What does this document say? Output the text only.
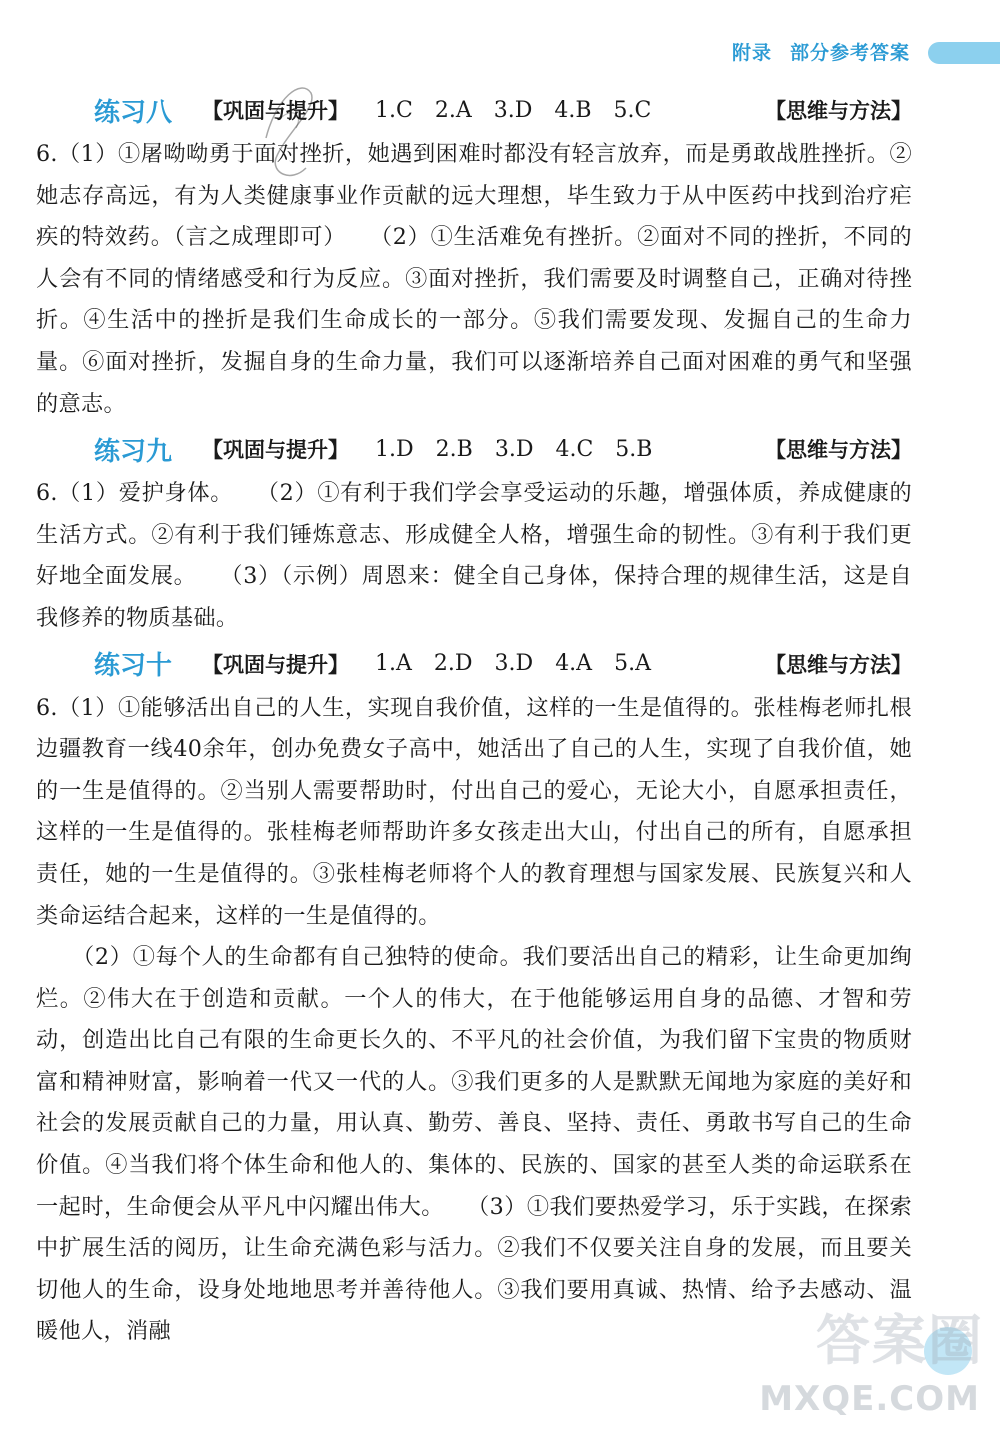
附录 部分参考答案
练习八 【巩固与提升】 1.C 2.A 3.D 4.B 5.C	【思维与方法】

6.（1）①屠呦呦勇于面对挫折，她遇到困难时都没有轻言放弃，而是勇敢战胜挫折。②她志存高远，有为人类健康事业作贡献的远大理想，毕生致力于从中医药中找到治疗疟疾的特效药。（言之成理即可）　　（2）①生活难免有挫折。②面对不同的挫折，不同的人会有不同的情绪感受和行为反应。③面对挫折，我们需要及时调整自己，正确对待挫折。④生活中的挫折是我们生命成长的一部分。⑤我们需要发现、发掘自己的生命力量。⑥面对挫折，发掘自身的生命力量，我们可以逐渐培养自己面对困难的勇气和坚强的意志。

练习九 【巩固与提升】 1.D 2.B 3.D 4.C 5.B	【思维与方法】

6.（1）爱护身体。　　（2）①有利于我们学会享受运动的乐趣，增强体质，养成健康的生活方式。②有利于我们锤炼意志、形成健全人格，增强生命的韧性。③有利于我们更好地全面发展。　　（3）（示例）周恩来：健全自己身体，保持合理的规律生活，这是自我修养的物质基础。

练习十 【巩固与提升】 1.A 2.D 3.D 4.A 5.A	【思维与方法】

6.（1）①能够活出自己的人生，实现自我价值，这样的一生是值得的。张桂梅老师扎根边疆教育一线40余年，创办免费女子高中，她活出了自己的人生，实现了自我价值，她的一生是值得的。②当别人需要帮助时，付出自己的爱心，无论大小，自愿承担责任，这样的一生是值得的。张桂梅老师帮助许多女孩走出大山，付出自己的所有，自愿承担责任，她的一生是值得的。③张桂梅老师将个人的教育理想与国家发展、民族复兴和人类命运结合起来，这样的一生是值得的。

（2）①每个人的生命都有自己独特的使命。我们要活出自己的精彩，让生命更加绚烂。②伟大在于创造和贡献。一个人的伟大，在于他能够运用自身的品德、才智和劳动，创造出比自己有限的生命更长久的、不平凡的社会价值，为我们留下宝贵的物质财富和精神财富，影响着一代又一代的人。③我们更多的人是默默无闻地为家庭的美好和社会的发展贡献自己的力量，用认真、勤劳、善良、坚持、责任、勇敢书写自己的生命价值。④当我们将个体生命和他人的、集体的、民族的、国家的甚至人类的命运联系在一起时，生命便会从平凡中闪耀出伟大。　　（3）①我们要热爱学习，乐于实践，在探索中扩展生活的阅历，让生命充满色彩与活力。②我们不仅要关注自身的发展，而且要关切他人的生命，设身处地地思考并善待他人。③我们要用真诚、热情、给予去感动、温暖他人，消融	答案圈
MXQE.COM
